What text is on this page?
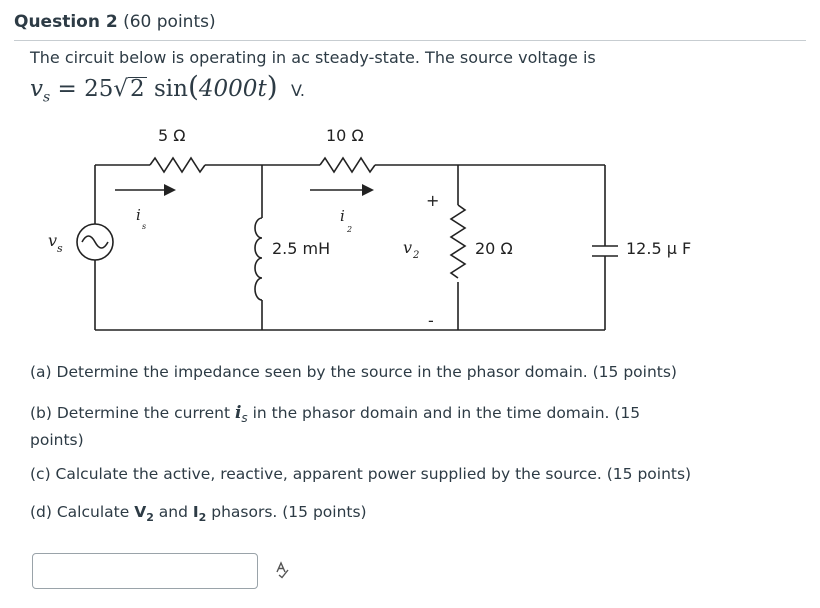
Question 2 (60 points)
The circuit below is operating in ac steady-state. The source voltage is
$v_s = 25√2$ sin(4000t) V.
5 Ω	10 Ω
2.5 mH	20 Ω	12.5 µ F
v s
i
s
i
2
+
v 2
-
(a) Determine the impedance seen by the source in the phasor domain. (15 points)
(b) Determine the current $i_s$ in the phasor domain and in the time domain. (15
points)
(c) Calculate the active, reactive, apparent power supplied by the source. (15 points)
(d) Calculate $V_2$ and $I_2$ phasors. (15 points)
